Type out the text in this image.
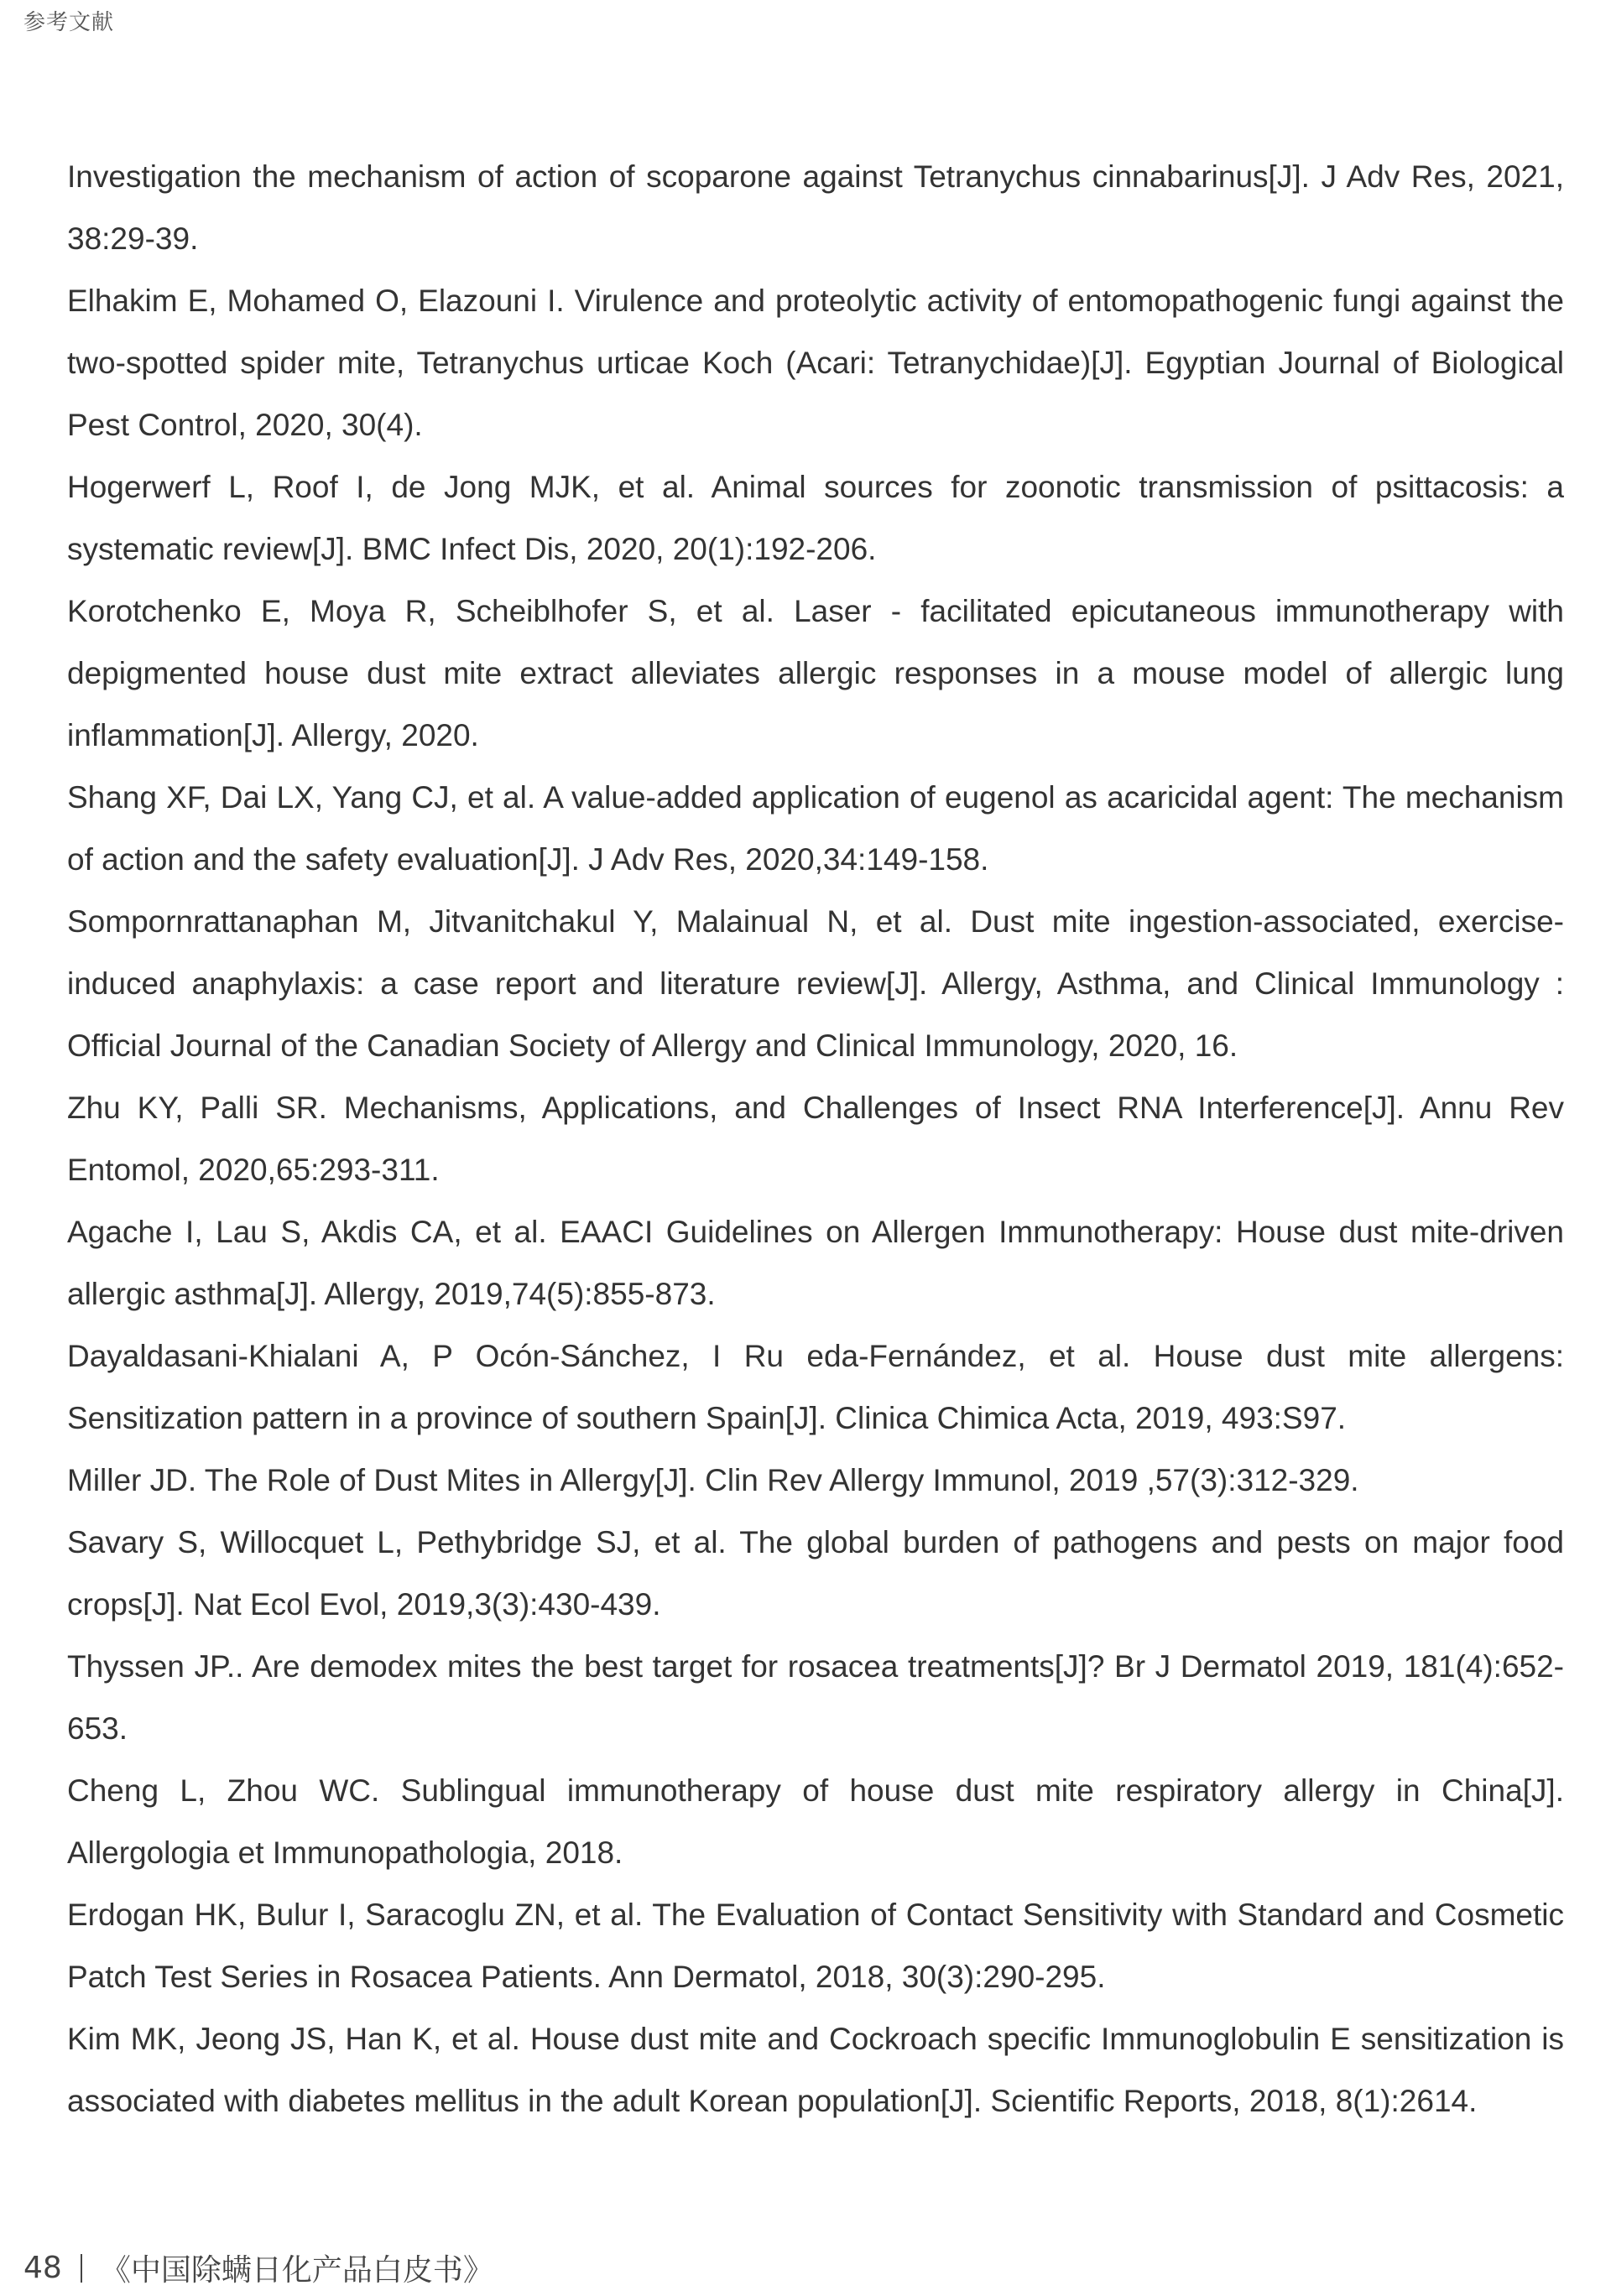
参考文献
Investigation the mechanism of action of scoparone against Tetranychus cinnabarinus[J]. J Adv Res, 2021, 38:29-39.
Elhakim E, Mohamed O, Elazouni I. Virulence and proteolytic activity of entomopathogenic fungi against the two-spotted spider mite, Tetranychus urticae Koch (Acari: Tetranychidae)[J]. Egyptian Journal of Biological Pest Control, 2020, 30(4).
Hogerwerf L, Roof I, de Jong MJK, et al. Animal sources for zoonotic transmission of psittacosis: a systematic review[J]. BMC Infect Dis, 2020, 20(1):192-206.
Korotchenko E, Moya R, Scheiblhofer S, et al. Laser - facilitated epicutaneous immunotherapy with depigmented house dust mite extract alleviates allergic responses in a mouse model of allergic lung inflammation[J]. Allergy, 2020.
Shang XF, Dai LX, Yang CJ, et al. A value-added application of eugenol as acaricidal agent: The mechanism of action and the safety evaluation[J]. J Adv Res, 2020,34:149-158.
Sompornrattanaphan M, Jitvanitchakul Y, Malainual N, et al. Dust mite ingestion-associated, exercise-induced anaphylaxis: a case report and literature review[J]. Allergy, Asthma, and Clinical Immunology : Official Journal of the Canadian Society of Allergy and Clinical Immunology, 2020, 16.
Zhu KY, Palli SR. Mechanisms, Applications, and Challenges of Insect RNA Interference[J]. Annu Rev Entomol, 2020,65:293-311.
Agache I, Lau S, Akdis CA, et al. EAACI Guidelines on Allergen Immunotherapy: House dust mite-driven allergic asthma[J]. Allergy, 2019,74(5):855-873.
Dayaldasani-Khialani A, P Ocón-Sánchez, I Ru eda-Fernández, et al. House dust mite allergens: Sensitization pattern in a province of southern Spain[J]. Clinica Chimica Acta, 2019, 493:S97.
Miller JD. The Role of Dust Mites in Allergy[J]. Clin Rev Allergy Immunol, 2019 ,57(3):312-329.
Savary S, Willocquet L, Pethybridge SJ, et al. The global burden of pathogens and pests on major food crops[J]. Nat Ecol Evol, 2019,3(3):430-439.
Thyssen JP.. Are demodex mites the best target for rosacea treatments[J]? Br J Dermatol 2019, 181(4):652-653.
Cheng L, Zhou WC. Sublingual immunotherapy of house dust mite respiratory allergy in China[J]. Allergologia et Immunopathologia, 2018.
Erdogan HK, Bulur I, Saracoglu ZN, et al. The Evaluation of Contact Sensitivity with Standard and Cosmetic Patch Test Series in Rosacea Patients. Ann Dermatol, 2018, 30(3):290-295.
Kim MK, Jeong JS, Han K, et al. House dust mite and Cockroach specific Immunoglobulin E sensitization is associated with diabetes mellitus in the adult Korean population[J]. Scientific Reports, 2018, 8(1):2614.
48 《中国除螨日化产品白皮书》
